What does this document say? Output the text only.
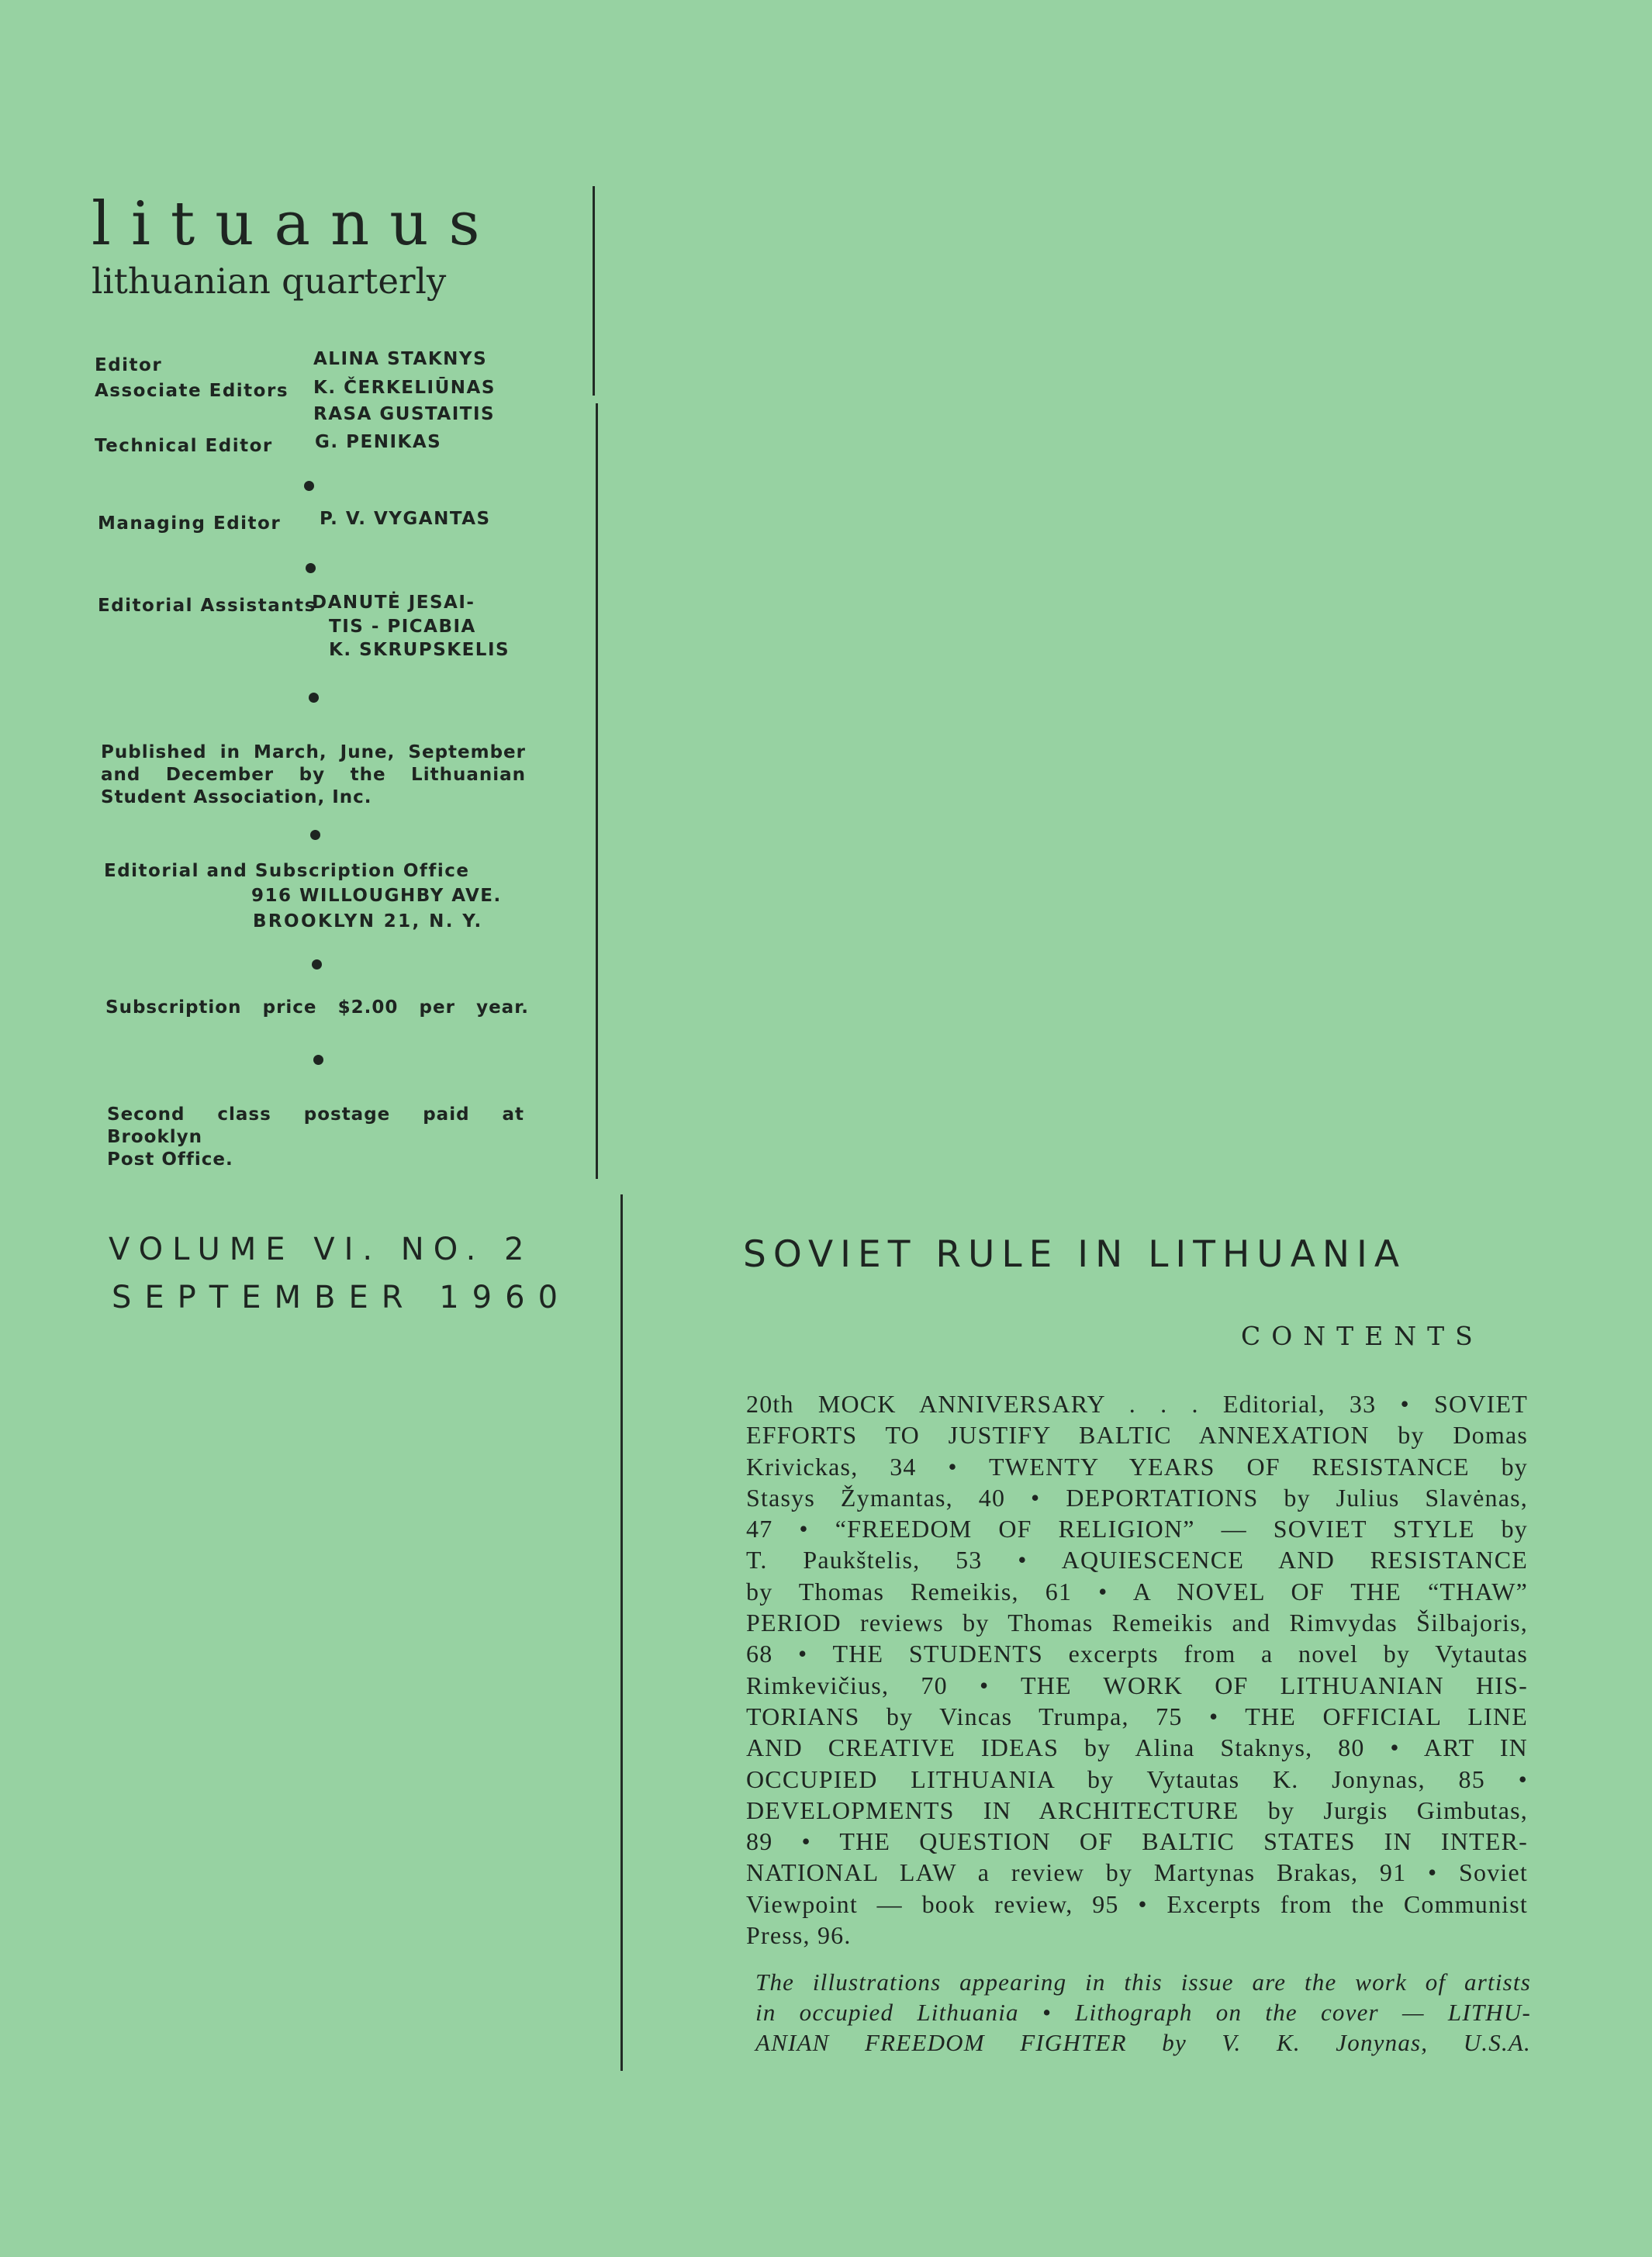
lituanus
lithuanian quarterly
Editor	ALINA STAKNYS
Associate Editors K. ČERKELIŪNAS
RASA GUSTAITIS
Technical Editor G. PENIKAS
Managing Editor P. V. VYGANTAS
Editorial Assistants
DANUTĖ JESAI-
TIS - PICABIA
K. SKRUPSKELIS
Published in March, June, September
and December by the Lithuanian
Student Association, Inc.
Editorial and Subscription Office
916 WILLOUGHBY AVE.
BROOKLYN 21, N. Y.
Subscription price $2.00 per year.
Second class postage paid at Brooklyn
Post Office.
VOLUME VI. NO. 2
SEPTEMBER 1960
SOVIET RULE IN LITHUANIA
CONTENTS
20th MOCK ANNIVERSARY . . . Editorial, 33 • SOVIET
EFFORTS TO JUSTIFY BALTIC ANNEXATION by Domas
Krivickas, 34 • TWENTY YEARS OF RESISTANCE by
Stasys Žymantas, 40 • DEPORTATIONS by Julius Slavėnas,
47 • “FREEDOM OF RELIGION” — SOVIET STYLE by
T. Paukštelis, 53 • AQUIESCENCE AND RESISTANCE
by Thomas Remeikis, 61 • A NOVEL OF THE “THAW”
PERIOD reviews by Thomas Remeikis and Rimvydas Šilbajoris,
68 • THE STUDENTS excerpts from a novel by Vytautas
Rimkevičius, 70 • THE WORK OF LITHUANIAN HIS-
TORIANS by Vincas Trumpa, 75 • THE OFFICIAL LINE
AND CREATIVE IDEAS by Alina Staknys, 80 • ART IN
OCCUPIED LITHUANIA by Vytautas K. Jonynas, 85 •
DEVELOPMENTS IN ARCHITECTURE by Jurgis Gimbutas,
89 • THE QUESTION OF BALTIC STATES IN INTER-
NATIONAL LAW a review by Martynas Brakas, 91 • Soviet
Viewpoint — book review, 95 • Excerpts from the Communist
Press, 96.
The illustrations appearing in this issue are the work of artists
in occupied Lithuania • Lithograph on the cover — LITHU-
ANIAN FREEDOM FIGHTER by V. K. Jonynas, U.S.A.
